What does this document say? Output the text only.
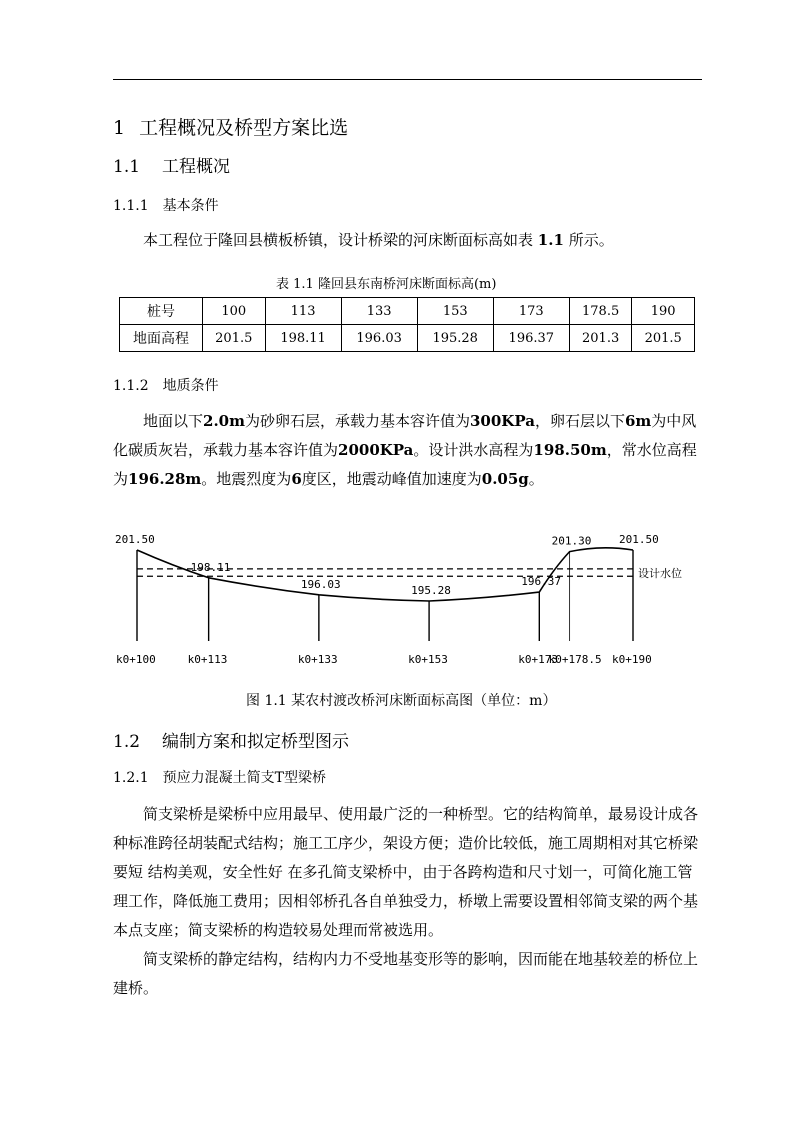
1 工程概况及桥型方案比选
1.1 工程概况
1.1.1 基本条件

本工程位于隆回县横板桥镇，设计桥梁的河床断面标高如表 1.1 所示。

表 1.1 隆回县东南桥河床断面标高(m)
桩号	100	113	133	153	173	178.5	190
地面高程	201.5	198.11	196.03	195.28	196.37	201.3	201.5
1.1.2 地质条件

地面以下2.0m为砂卵石层，承载力基本容许值为300KPa，卵石层以下6m为中风化碳质灰岩，承载力基本容许值为2000KPa。设计洪水高程为198.50m，常水位高程为196.28m。地震烈度为6度区，地震动峰值加速度为0.05g。

201.50
k0+100
198.11
k0+113
196.03
k0+133
195.28
k0+153
196.37
k0+173
201.30
k0+178.5
201.50
k0+190
设计水位
图 1.1 某农村渡改桥河床断面标高图（单位：m）
1.2 编制方案和拟定桥型图示
1.2.1 预应力混凝土简支T型梁桥

简支梁桥是梁桥中应用最早、使用最广泛的一种桥型。它的结构简单，最易设计成各种标准跨径胡装配式结构；施工工序少，架设方便；造价比较低，施工周期相对其它桥梁要短 结构美观，安全性好 在多孔简支梁桥中，由于各跨构造和尺寸划一，可简化施工管理工作，降低施工费用；因相邻桥孔各自单独受力，桥墩上需要设置相邻简支梁的两个基本点支座；简支梁桥的构造较易处理而常被选用。

简支梁桥的静定结构，结构内力不受地基变形等的影响，因而能在地基较差的桥位上建桥。
